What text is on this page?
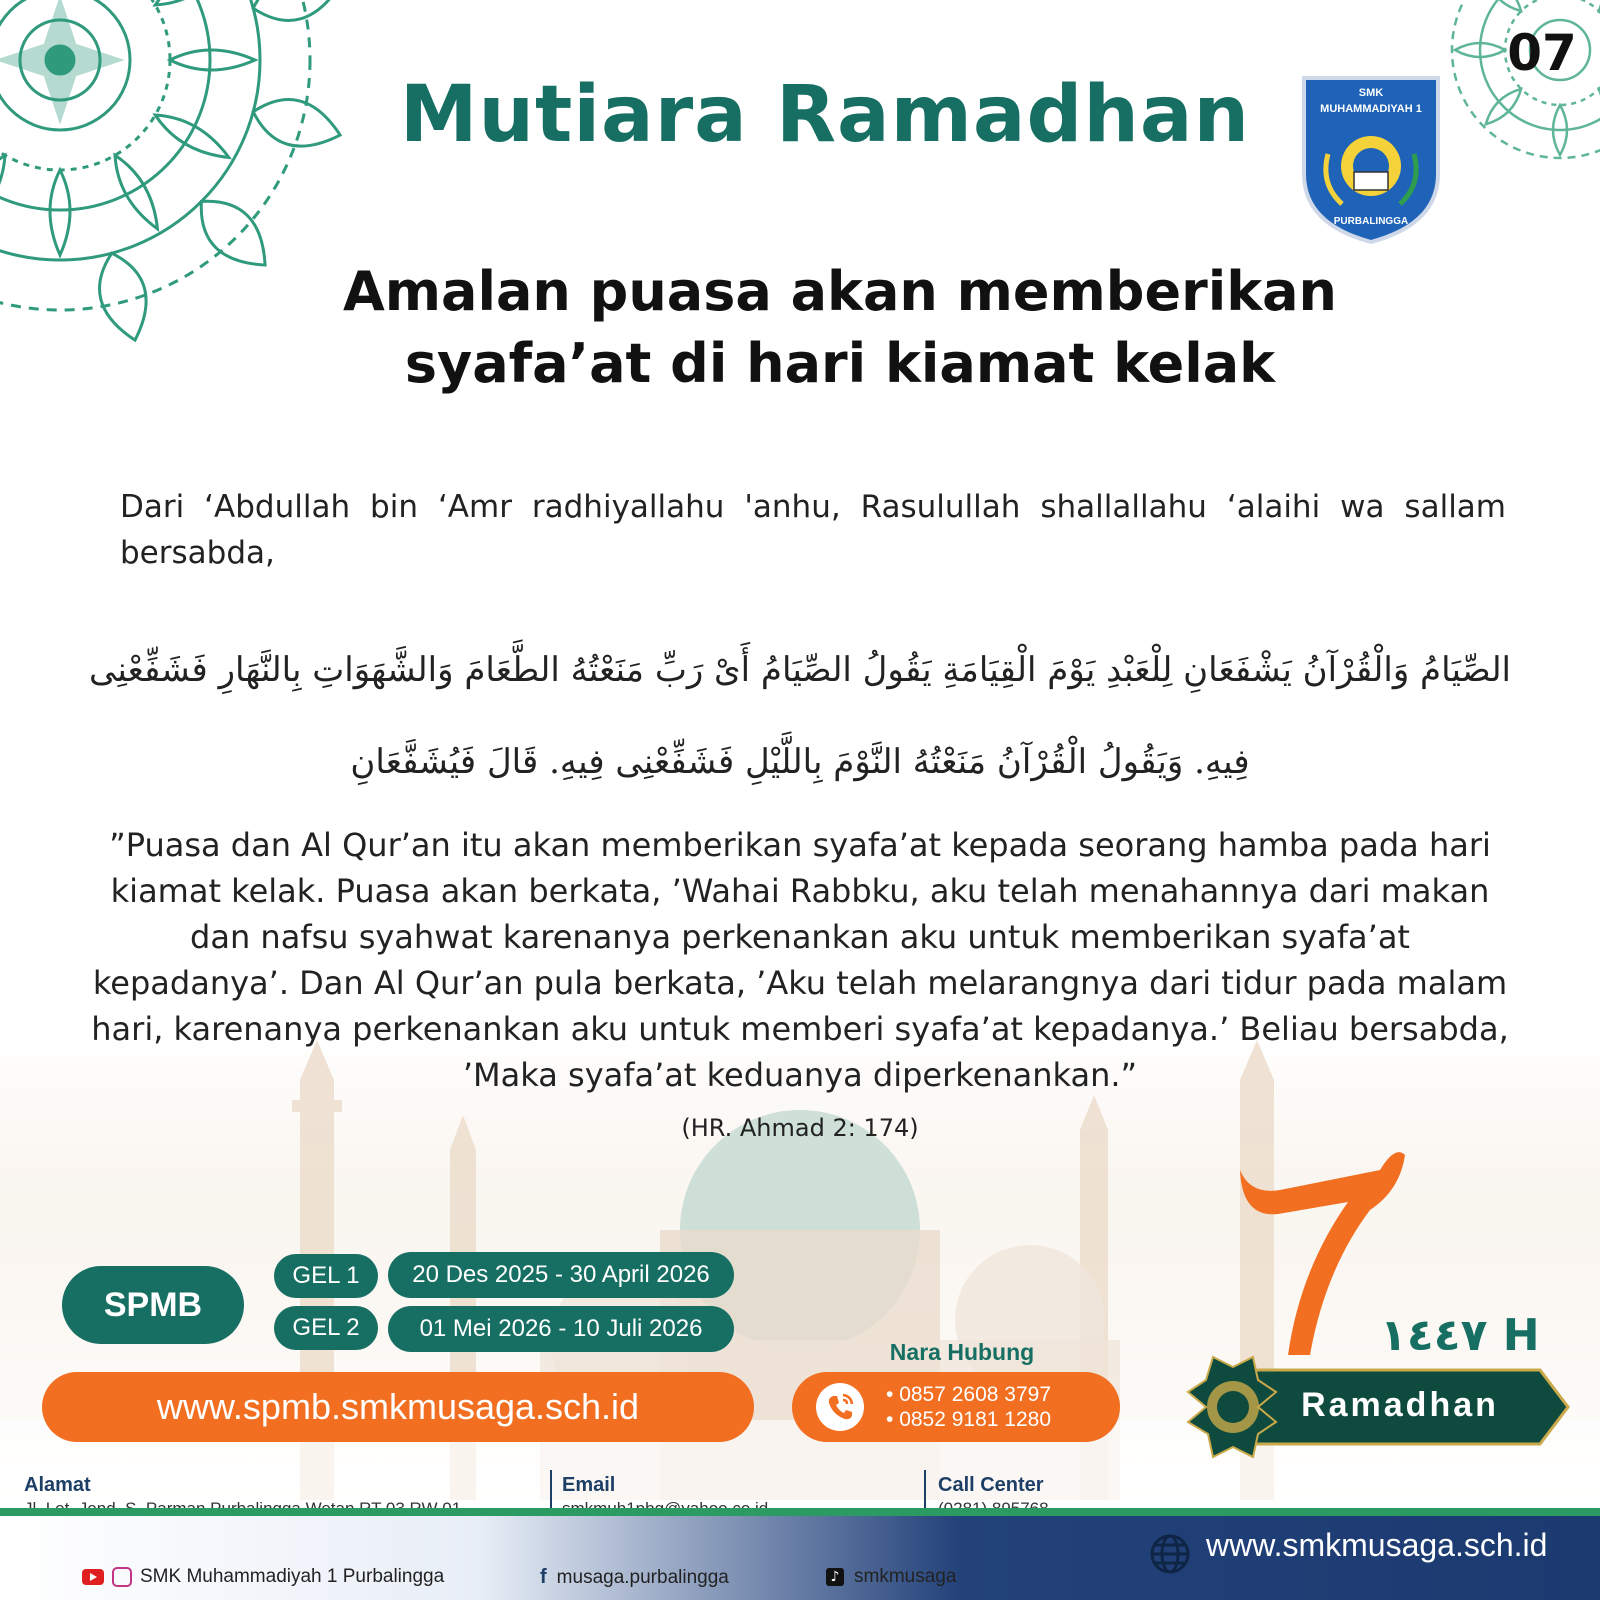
07
Mutiara Ramadhan	SMK
MUHAMMADIYAH 1
PURBALINGGA
Amalan puasa akan memberikan
syafa’at di hari kiamat kelak
Dari ‘Abdullah bin ‘Amr radhiyallahu 'anhu, Rasulullah shallallahu ‘alaihi wa sallam bersabda,
الصِّيَامُ وَالْقُرْآنُ يَشْفَعَانِ لِلْعَبْدِ يَوْمَ الْقِيَامَةِ يَقُولُ الصِّيَامُ أَىْ رَبِّ مَنَعْتُهُ الطَّعَامَ وَالشَّهَوَاتِ بِالنَّهَارِ فَشَفِّعْنِى فِيهِ. وَيَقُولُ الْقُرْآنُ مَنَعْتُهُ النَّوْمَ بِاللَّيْلِ فَشَفِّعْنِى فِيهِ. قَالَ فَيُشَفَّعَانِ
”Puasa dan Al Qur’an itu akan memberikan syafa’at kepada seorang hamba pada hari kiamat kelak. Puasa akan berkata, ’Wahai Rabbku, aku telah menahannya dari makan dan nafsu syahwat karenanya perkenankan aku untuk memberikan syafa’at kepadanya’. Dan Al Qur’an pula berkata, ’Aku telah melarangnya dari tidur pada malam hari, karenanya perkenankan aku untuk memberi syafa’at kepadanya.’ Beliau bersabda, ’Maka syafa’at keduanya diperkenankan.”
(HR. Ahmad 2: 174)
SPMB
GEL 1	20 Des 2025 - 30 April 2026
GEL 2	01 Mei 2026 - 10 Juli 2026
www.spmb.smkmusaga.sch.id
Nara Hubung
• 0857 2608 3797
• 0852 9181 1280
١٤٤٧ H
Ramadhan
Alamat	Email	Call Center
SMK Muhammadiyah 1 Purbalingga	f musaga.purbalingga	♪ smkmusaga
www.smkmusaga.sch.id
